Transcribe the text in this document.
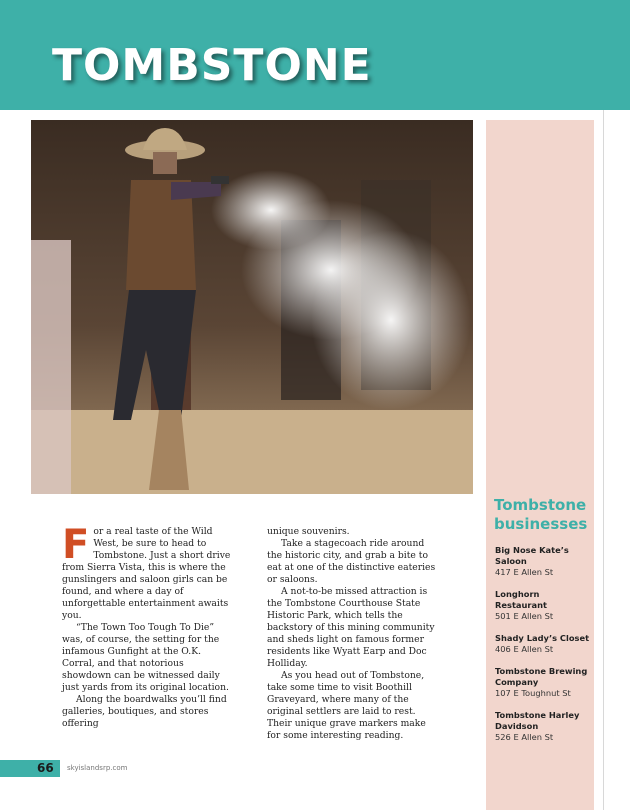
TOMBSTONE

For a real taste of the Wild West, be sure to head to Tombstone. Just a short drive from Sierra Vista, this is where the gunslingers and saloon girls can be found, and where a day of unforgettable entertainment awaits you.

“The Town Too Tough To Die” was, of course, the setting for the infamous Gunfight at the O.K. Corral, and that notorious showdown can be witnessed daily just yards from its original location.

Along the boardwalks you’ll find galleries, boutiques, and stores offering

unique souvenirs.

Take a stagecoach ride around the historic city, and grab a bite to eat at one of the distinctive eateries or saloons.

A not-to-be missed attraction is the Tombstone Courthouse State Historic Park, which tells the backstory of this mining community and sheds light on famous former residents like Wyatt Earp and Doc Holliday.

As you head out of Tombstone, take some time to visit Boothill Graveyard, where many of the original settlers are laid to rest. Their unique grave markers make for some interesting reading.

Tombstone businesses
Big Nose Kate’s Saloon
417 E Allen St
Longhorn Restaurant
501 E Allen St
Shady Lady’s Closet
406 E Allen St
Tombstone Brewing Company
107 E Toughnut St
Tombstone Harley Davidson
526 E Allen St
66 skyislandsrp.com
